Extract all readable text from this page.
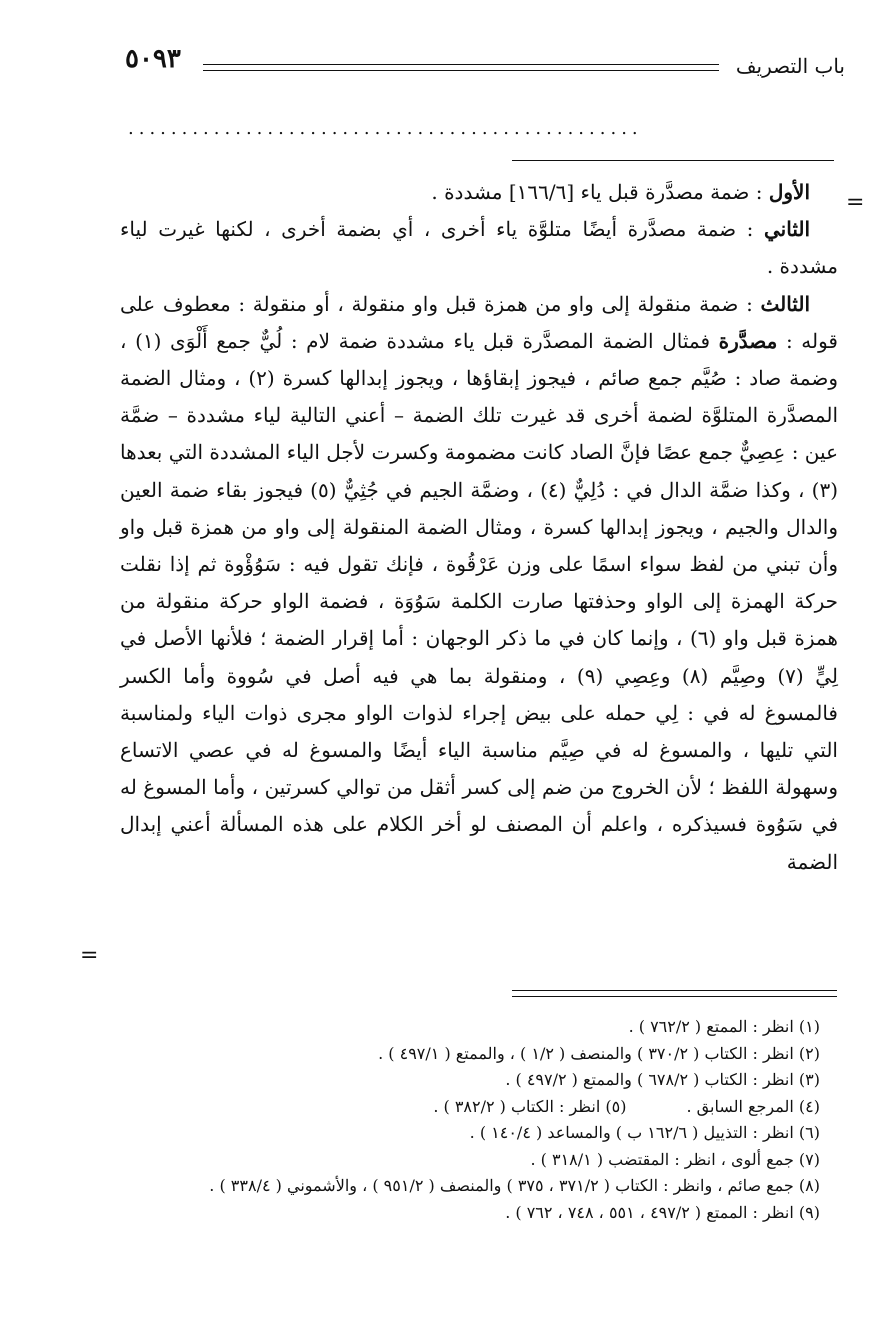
باب التصريف
٥٠٩٣
................................................
=
=

الأول : ضمة مصدَّرة قبل ياء [١٦٦/٦] مشددة .

الثاني : ضمة مصدَّرة أيضًا متلوَّة ياء أخرى ، أي بضمة أخرى ، لكنها غيرت لياء مشددة .

الثالث : ضمة منقولة إلى واو من همزة قبل واو منقولة ، أو منقولة : معطوف على قوله : مصدَّرة فمثال الضمة المصدَّرة قبل ياء مشددة ضمة لام : لُيٌّ جمع أَلْوَى (١) ، وضمة صاد : صُيَّم جمع صائم ، فيجوز إبقاؤها ، ويجوز إبدالها كسرة (٢) ، ومثال الضمة المصدَّرة المتلوَّة لضمة أخرى قد غيرت تلك الضمة – أعني التالية لياء مشددة – ضمَّة عين : عِصِيٌّ جمع عصًا فإنَّ الصاد كانت مضمومة وكسرت لأجل الياء المشددة التي بعدها (٣) ، وكذا ضمَّة الدال في : دُلِيٌّ (٤) ، وضمَّة الجيم في جُثِيٌّ (٥) فيجوز بقاء ضمة العين والدال والجيم ، ويجوز إبدالها كسرة ، ومثال الضمة المنقولة إلى واو من همزة قبل واو وأن تبني من لفظ سواء اسمًا على وزن عَرْقُوة ، فإنك تقول فيه : سَوُؤْوة ثم إذا نقلت حركة الهمزة إلى الواو وحذفتها صارت الكلمة سَوُوَة ، فضمة الواو حركة منقولة من همزة قبل واو (٦) ، وإنما كان في ما ذكر الوجهان : أما إقرار الضمة ؛ فلأنها الأصل في لِيٍّ (٧) وصِيَّم (٨) وعِصِي (٩) ، ومنقولة بما هي فيه أصل في سُووة وأما الكسر فالمسوغ له في : لِي حمله على بيض إجراء لذوات الواو مجرى ذوات الياء ولمناسبة التي تليها ، والمسوغ له في صِيَّم مناسبة الياء أيضًا والمسوغ له في عصي الاتساع وسهولة اللفظ ؛ لأن الخروج من ضم إلى كسر أثقل من توالي كسرتين ، وأما المسوغ له في سَوُوة فسيذكره ، واعلم أن المصنف لو أخر الكلام على هذه المسألة أعني إبدال الضمة

(١) انظر : الممتع ( ٧٦٢/٢ ) .

(٢) انظر : الكتاب ( ٣٧٠/٢ ) والمنصف ( ١/٢ ) ، والممتع ( ٤٩٧/١ ) .

(٣) انظر : الكتاب ( ٦٧٨/٢ ) والممتع ( ٤٩٧/٢ ) .

(٤) المرجع السابق .(٥) انظر : الكتاب ( ٣٨٢/٢ ) .

(٦) انظر : التذييل ( ١٦٢/٦ ب ) والمساعد ( ١٤٠/٤ ) .

(٧) جمع ألوى ، انظر : المقتضب ( ٣١٨/١ ) .

(٨) جمع صائم ، وانظر : الكتاب ( ٣٧١/٢ ، ٣٧٥ ) والمنصف ( ٩٥١/٢ ) ، والأشموني ( ٣٣٨/٤ ) .

(٩) انظر : الممتع ( ٤٩٧/٢ ، ٥٥١ ، ٧٤٨ ، ٧٦٢ ) .
